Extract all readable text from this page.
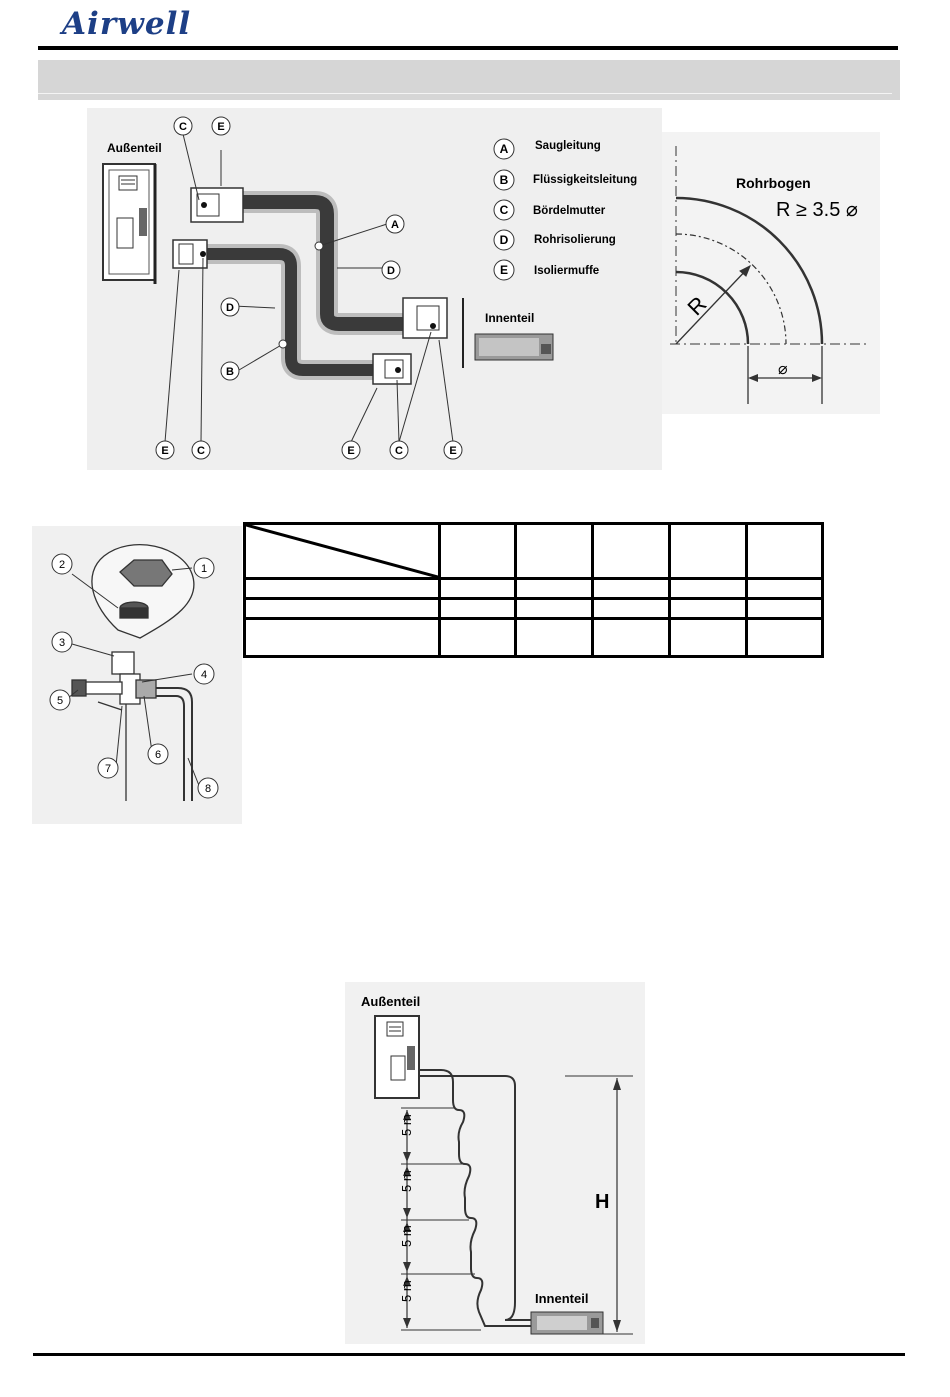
Airwell
Außenteil
Innenteil
C	E
A
D
D
B
E	C	E	C	E
A Saugleitung
B Flüssigkeitsleitung
C Bördelmutter
D Rohrisolierung
E Isoliermuffe
Rohrbogen
R ≥ 3.5 ⌀
R
⌀
1
2
3
4
5
6
7
8

Außenteil
Innenteil
5 m
5 m
5 m
5 m
H
